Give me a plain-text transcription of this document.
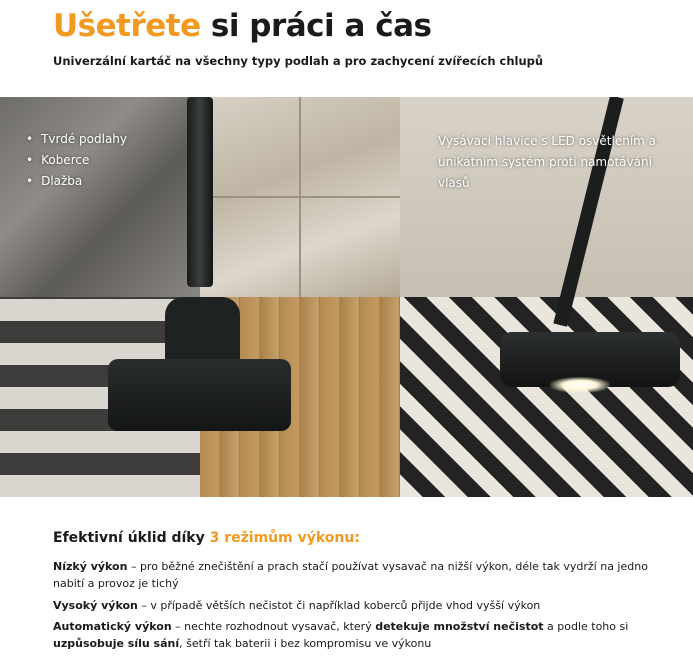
Ušetřete si práci a čas
Univerzální kartáč na všechny typy podlah a pro zachycení zvířecích chlupů
• Tvrdé podlahy
• Koberce
• Dlažba
Vysávací hlavice s LED osvětlením a unikátním systém proti namotávání vlasů
Efektivní úklid díky 3 režimům výkonu:
Nízký výkon – pro běžné znečištění a prach stačí používat vysavač na nižší výkon, déle tak vydrží na jedno nabití a provoz je tichý
Vysoký výkon – v případě větších nečistot či například koberců přijde vhod vyšší výkon
Automatický výkon – nechte rozhodnout vysavač, který detekuje množství nečistot a podle toho si uzpůsobuje sílu sání, šetří tak baterii i bez kompromisu ve výkonu
